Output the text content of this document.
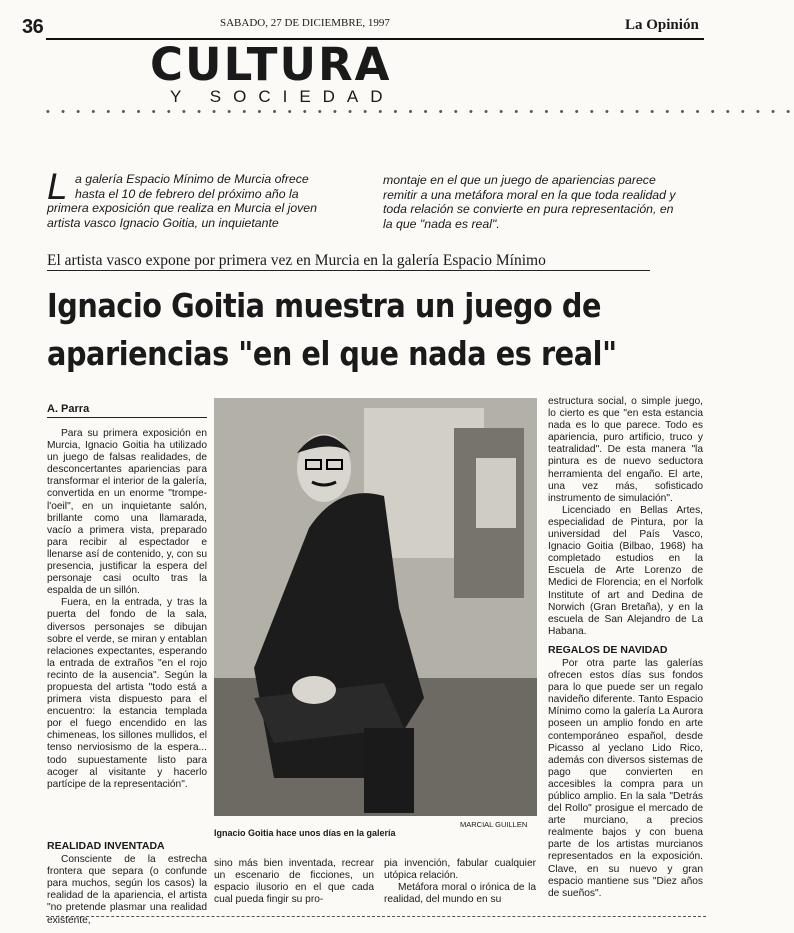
36	SABADO, 27 DE DICIEMBRE, 1997	La Opinión
CULTURA
Y SOCIEDAD
• • • • • • • • • • • • • • • • • • • • • • • • • • • • • • • • • • • • • • • • • • • • • • • • • •
L a galería Espacio Mínimo de Murcia ofrece
hasta el 10 de febrero del próximo año la
primera exposición que realiza en Murcia el joven
artista vasco Ignacio Goitia, un inquietante
montaje en el que un juego de apariencias parece remitir a una metáfora moral en la que toda realidad y toda relación se convierte en pura representación, en la que "nada es real".
El artista vasco expone por primera vez en Murcia en la galería Espacio Mínimo
Ignacio Goitia muestra un juego de
apariencias "en el que nada es real"
A. Parra

Para su primera exposición en Murcia, Ignacio Goitia ha utilizado un juego de falsas realidades, de desconcertantes apariencias para transformar el interior de la galería, convertida en un enorme "trompe-l'oeil", en un inquietante salón, brillante como una llamarada, vacío a primera vista, preparado para recibir al espectador e llenarse así de contenido, y, con su presencia, justificar la espera del personaje casi oculto tras la espalda de un sillón.

Fuera, en la entrada, y tras la puerta del fondo de la sala, diversos personajes se dibujan sobre el verde, se miran y entablan relaciones expectantes, esperando la entrada de extraños "en el rojo recinto de la ausencia". Según la propuesta del artista "todo está a primera vista dispuesto para el encuentro: la estancia templada por el fuego encendido en las chimeneas, los sillones mullidos, el tenso nerviosismo de la espera... todo supuestamente listo para acoger al visitante y hacerlo partícipe de la representación".

REALIDAD INVENTADA

Consciente de la estrecha frontera que separa (o confunde para muchos, según los casos) la realidad de la apariencia, el artista "no pretende plasmar una realidad existente,

MARCIAL GUILLEN
Ignacio Goitia hace unos días en la galería

sino más bien inventada, recrear un escenario de ficciones, un espacio ilusorio en el que cada cual pueda fingir su pro-

pia invención, fabular cualquier utópica relación.

Metáfora moral o irónica de la realidad, del mundo en su

estructura social, o simple juego, lo cierto es que "en esta estancia nada es lo que parece. Todo es apariencia, puro artificio, truco y teatralidad". De esta manera "la pintura es de nuevo seductora herramienta del engaño. El arte, una vez más, sofisticado instrumento de simulación".

Licenciado en Bellas Artes, especialidad de Pintura, por la universidad del País Vasco, Ignacio Goitia (Bilbao, 1968) ha completado estudios en la Escuela de Arte Lorenzo de Medici de Florencia; en el Norfolk Institute of art and Dedina de Norwich (Gran Bretaña), y en la escuela de San Alejandro de La Habana.

REGALOS DE NAVIDAD

Por otra parte las galerías ofrecen estos días sus fondos para lo que puede ser un regalo navideño diferente. Tanto Espacio Mínimo como la galería La Aurora poseen un amplio fondo en arte contemporáneo español, desde Picasso al yeclano Lido Rico, además con diversos sistemas de pago que convierten en accesibles la compra para un público amplio. En la sala "Detrás del Rollo" prosigue el mercado de arte murciano, a precios realmente bajos y con buena parte de los artistas murcianos representados en la exposición. Clave, en su nuevo y gran espacio mantiene sus "Diez años de sueños".
